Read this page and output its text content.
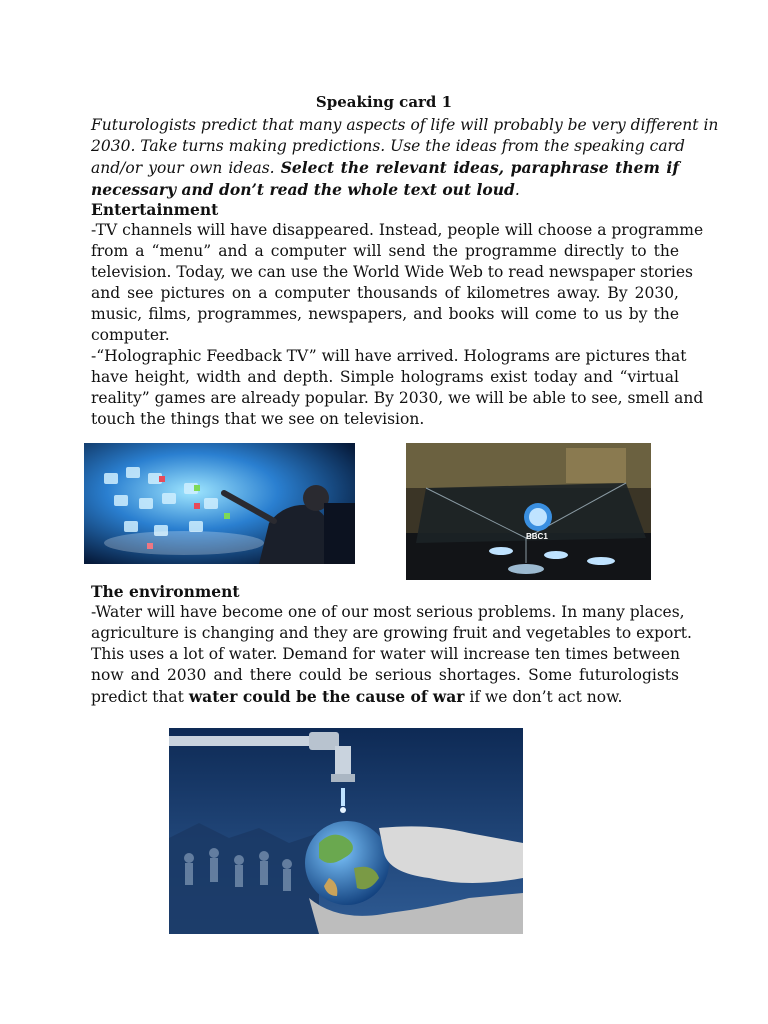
Speaking card 1
Futurologists predict that many aspects of life will probably be very different in
2030. Take turns making predictions. Use the ideas from the speaking card
and/or your own ideas. Select the relevant ideas, paraphrase them if
necessary and don’t read the whole text out loud.
Entertainment
-TV channels will have disappeared. Instead, people will choose a programme
from a “menu” and a computer will send the programme directly to the
television. Today, we can use the World Wide Web to read newspaper stories
and see pictures on a computer thousands of kilometres away. By 2030,
music, films, programmes, newspapers, and books will come to us by the
computer.
-“Holographic Feedback TV” will have arrived. Holograms are pictures that
have height, width and depth. Simple holograms exist today and “virtual
reality” games are already popular. By 2030, we will be able to see, smell and
touch the things that we see on television.
BBC1
The environment
-Water will have become one of our most serious problems. In many places,
agriculture is changing and they are growing fruit and vegetables to export.
This uses a lot of water. Demand for water will increase ten times between
now and 2030 and there could be serious shortages. Some futurologists
predict that water could be the cause of war if we don’t act now.
